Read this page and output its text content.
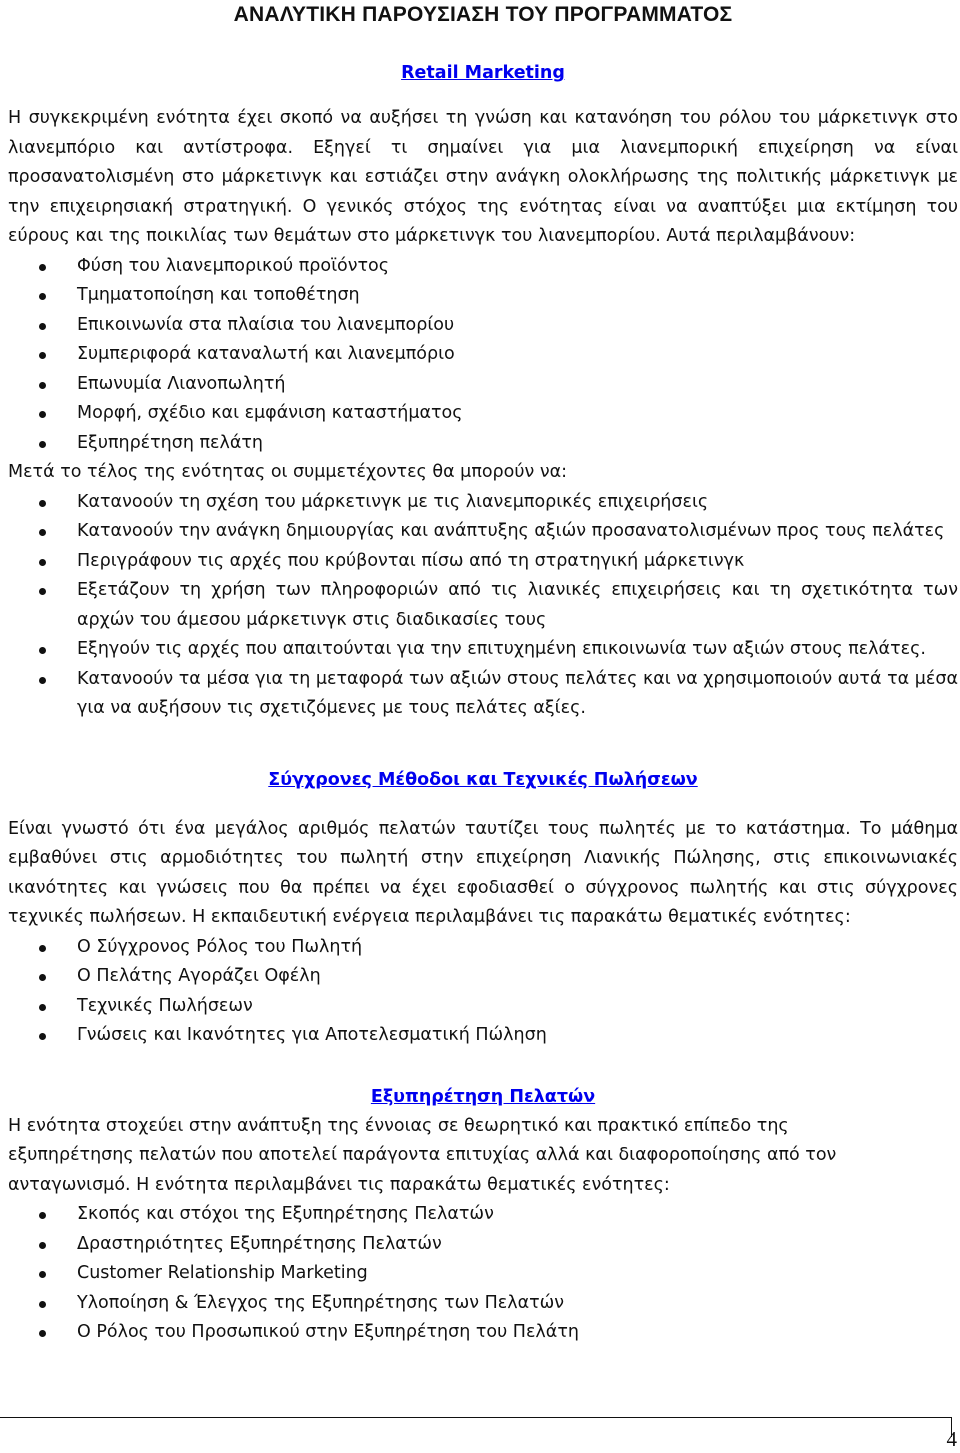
ΑΝΑΛΥΤΙΚΗ ΠΑΡΟΥΣΙΑΣΗ ΤΟΥ ΠΡΟΓΡΑΜΜΑΤΟΣ
Retail Marketing

Η συγκεκριμένη ενότητα έχει σκοπό να αυξήσει τη γνώση και κατανόηση του ρόλου του μάρκετινγκ στο λιανεμπόριο και αντίστροφα. Εξηγεί τι σημαίνει για μια λιανεμπορική επιχείρηση να είναι προσανατολισμένη στο μάρκετινγκ και εστιάζει στην ανάγκη ολοκλήρωσης της πολιτικής μάρκετινγκ με την επιχειρησιακή στρατηγική. Ο γενικός στόχος της ενότητας είναι να αναπτύξει μια εκτίμηση του εύρους και της ποικιλίας των θεμάτων στο μάρκετινγκ του λιανεμπορίου. Αυτά περιλαμβάνουν:

Φύση του λιανεμπορικού προϊόντος
Τμηματοποίηση και τοποθέτηση
Επικοινωνία στα πλαίσια του λιανεμπορίου
Συμπεριφορά καταναλωτή και λιανεμπόριο
Επωνυμία Λιανοπωλητή
Μορφή, σχέδιο και εμφάνιση καταστήματος
Εξυπηρέτηση πελάτη

Μετά το τέλος της ενότητας οι συμμετέχοντες θα μπορούν να:

Κατανοούν τη σχέση του μάρκετινγκ με τις λιανεμπορικές επιχειρήσεις
Κατανοούν την ανάγκη δημιουργίας και ανάπτυξης αξιών προσανατολισμένων προς τους πελάτες
Περιγράφουν τις αρχές που κρύβονται πίσω από τη στρατηγική μάρκετινγκ
Εξετάζουν τη χρήση των πληροφοριών από τις λιανικές επιχειρήσεις και τη σχετικότητα των αρχών του άμεσου μάρκετινγκ στις διαδικασίες τους
Εξηγούν τις αρχές που απαιτούνται για την επιτυχημένη επικοινωνία των αξιών στους πελάτες.
Κατανοούν τα μέσα για τη μεταφορά των αξιών στους πελάτες και να χρησιμοποιούν αυτά τα μέσα για να αυξήσουν τις σχετιζόμενες με τους πελάτες αξίες.
Σύγχρονες Μέθοδοι και Τεχνικές Πωλήσεων

Είναι γνωστό ότι ένα μεγάλος αριθμός πελατών ταυτίζει τους πωλητές με το κατάστημα. Το μάθημα εμβαθύνει στις αρμοδιότητες του πωλητή στην επιχείρηση Λιανικής Πώλησης, στις επικοινωνιακές ικανότητες και γνώσεις που θα πρέπει να έχει εφοδιασθεί ο σύγχρονος πωλητής και στις σύγχρονες τεχνικές πωλήσεων. Η εκπαιδευτική ενέργεια περιλαμβάνει τις παρακάτω θεματικές ενότητες:

Ο Σύγχρονος Ρόλος του Πωλητή
Ο Πελάτης Αγοράζει Οφέλη
Τεχνικές Πωλήσεων
Γνώσεις και Ικανότητες για Αποτελεσματική Πώληση
Εξυπηρέτηση Πελατών
Η ενότητα στοχεύει στην ανάπτυξη της έννοιας σε θεωρητικό και πρακτικό επίπεδο της
εξυπηρέτησης πελατών που αποτελεί παράγοντα επιτυχίας αλλά και διαφοροποίησης από τον
ανταγωνισμό. Η ενότητα περιλαμβάνει τις παρακάτω θεματικές ενότητες:
Σκοπός και στόχοι της Εξυπηρέτησης Πελατών
Δραστηριότητες Εξυπηρέτησης Πελατών
Customer Relationship Marketing
Υλοποίηση & Έλεγχος της Εξυπηρέτησης των Πελατών
Ο Ρόλος του Προσωπικού στην Εξυπηρέτηση του Πελάτη
4
